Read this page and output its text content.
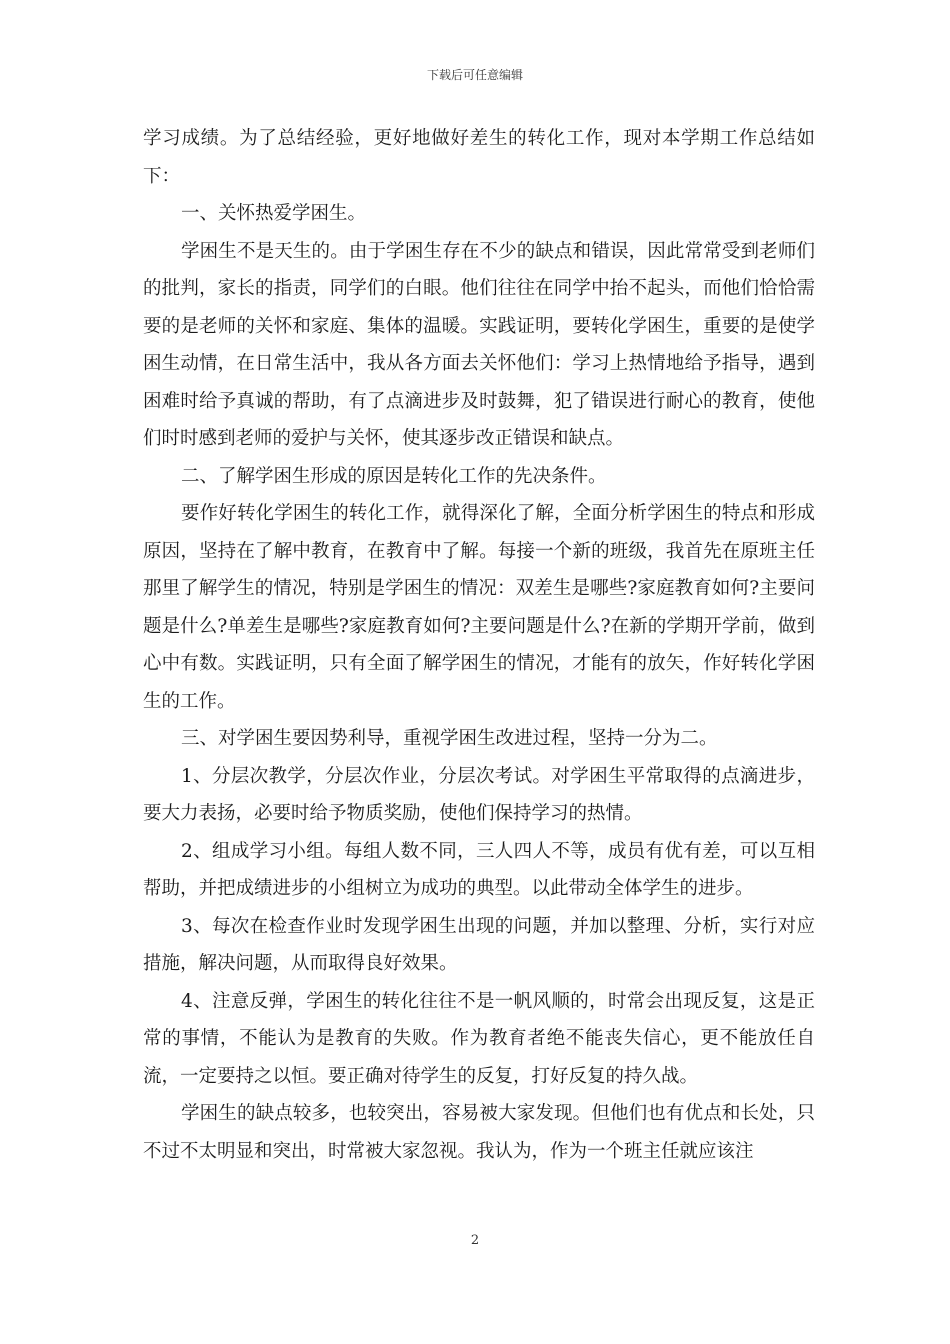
下载后可任意编辑

学习成绩。为了总结经验，更好地做好差生的转化工作，现对本学期工作总结如下：

一、关怀热爱学困生。

学困生不是天生的。由于学困生存在不少的缺点和错误，因此常常受到老师们的批判，家长的指责，同学们的白眼。他们往往在同学中抬不起头，而他们恰恰需要的是老师的关怀和家庭、集体的温暖。实践证明，要转化学困生，重要的是使学困生动情，在日常生活中，我从各方面去关怀他们：学习上热情地给予指导，遇到困难时给予真诚的帮助，有了点滴进步及时鼓舞，犯了错误进行耐心的教育，使他们时时感到老师的爱护与关怀，使其逐步改正错误和缺点。

二、了解学困生形成的原因是转化工作的先决条件。

要作好转化学困生的转化工作，就得深化了解，全面分析学困生的特点和形成原因，坚持在了解中教育，在教育中了解。每接一个新的班级，我首先在原班主任那里了解学生的情况，特别是学困生的情况：双差生是哪些?家庭教育如何?主要问题是什么?单差生是哪些?家庭教育如何?主要问题是什么?在新的学期开学前，做到心中有数。实践证明，只有全面了解学困生的情况，才能有的放矢，作好转化学困生的工作。

三、对学困生要因势利导，重视学困生改进过程，坚持一分为二。

1、分层次教学，分层次作业，分层次考试。对学困生平常取得的点滴进步，要大力表扬，必要时给予物质奖励，使他们保持学习的热情。

2、组成学习小组。每组人数不同，三人四人不等，成员有优有差，可以互相帮助，并把成绩进步的小组树立为成功的典型。以此带动全体学生的进步。

3、每次在检查作业时发现学困生出现的问题，并加以整理、分析，实行对应措施，解决问题，从而取得良好效果。

4、注意反弹，学困生的转化往往不是一帆风顺的，时常会出现反复，这是正常的事情，不能认为是教育的失败。作为教育者绝不能丧失信心，更不能放任自流，一定要持之以恒。要正确对待学生的反复，打好反复的持久战。

学困生的缺点较多，也较突出，容易被大家发现。但他们也有优点和长处，只不过不太明显和突出，时常被大家忽视。我认为，作为一个班主任就应该注

2
